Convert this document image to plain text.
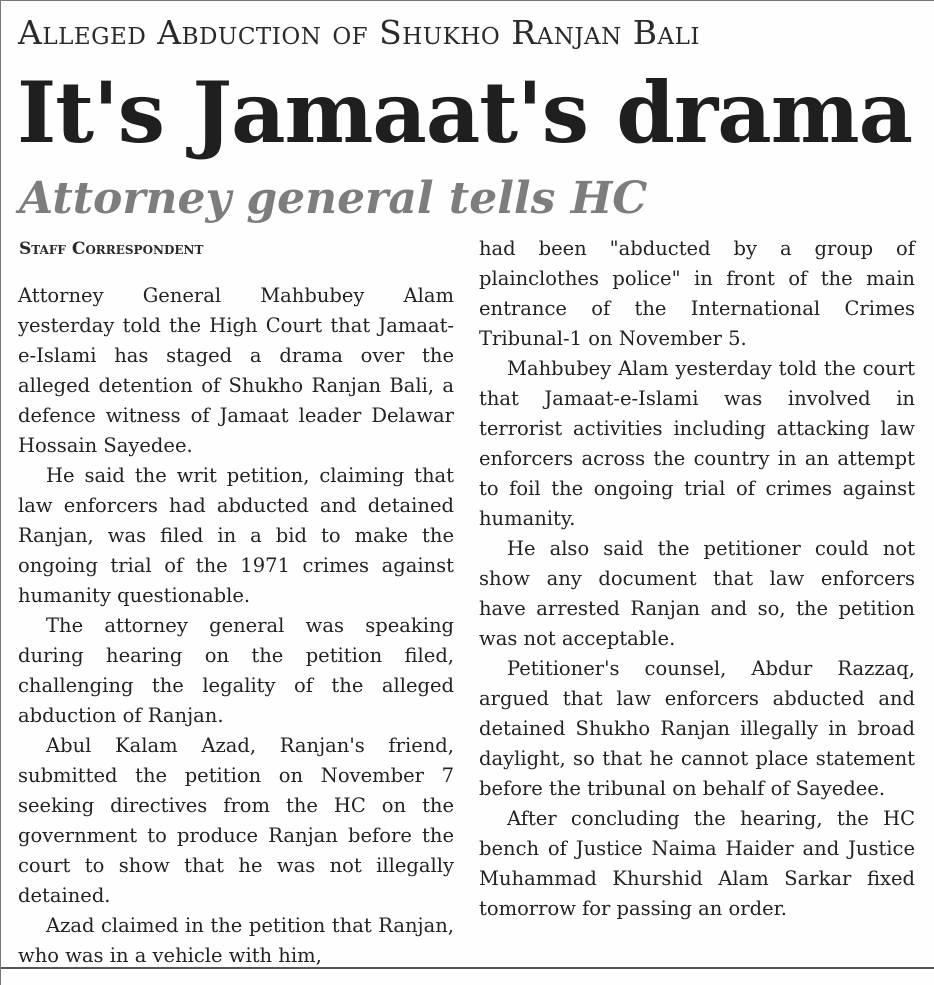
Alleged Abduction of Shukho Ranjan Bali
It's Jamaat's drama
Attorney general tells HC
Staff Correspondent

Attorney General Mahbubey Alam yesterday told the High Court that Jamaat-e-Islami has staged a drama over the alleged detention of Shukho Ranjan Bali, a defence witness of Jamaat leader Delawar Hossain Sayedee.

He said the writ petition, claiming that law enforcers had abducted and detained Ranjan, was filed in a bid to make the ongoing trial of the 1971 crimes against humanity questionable.

The attorney general was speaking during hearing on the petition filed, challenging the legality of the alleged abduction of Ranjan.

Abul Kalam Azad, Ranjan's friend, submitted the petition on November 7 seeking directives from the HC on the government to produce Ranjan before the court to show that he was not illegally detained.

Azad claimed in the petition that Ranjan, who was in a vehicle with him,

had been "abducted by a group of plainclothes police" in front of the main entrance of the International Crimes Tribunal-1 on November 5.

Mahbubey Alam yesterday told the court that Jamaat-e-Islami was involved in terrorist activities including attacking law enforcers across the country in an attempt to foil the ongoing trial of crimes against humanity.

He also said the petitioner could not show any document that law enforcers have arrested Ranjan and so, the petition was not acceptable.

Petitioner's counsel, Abdur Razzaq, argued that law enforcers abducted and detained Shukho Ranjan illegally in broad daylight, so that he cannot place statement before the tribunal on behalf of Sayedee.

After concluding the hearing, the HC bench of Justice Naima Haider and Justice Muhammad Khurshid Alam Sarkar fixed tomorrow for passing an order.
